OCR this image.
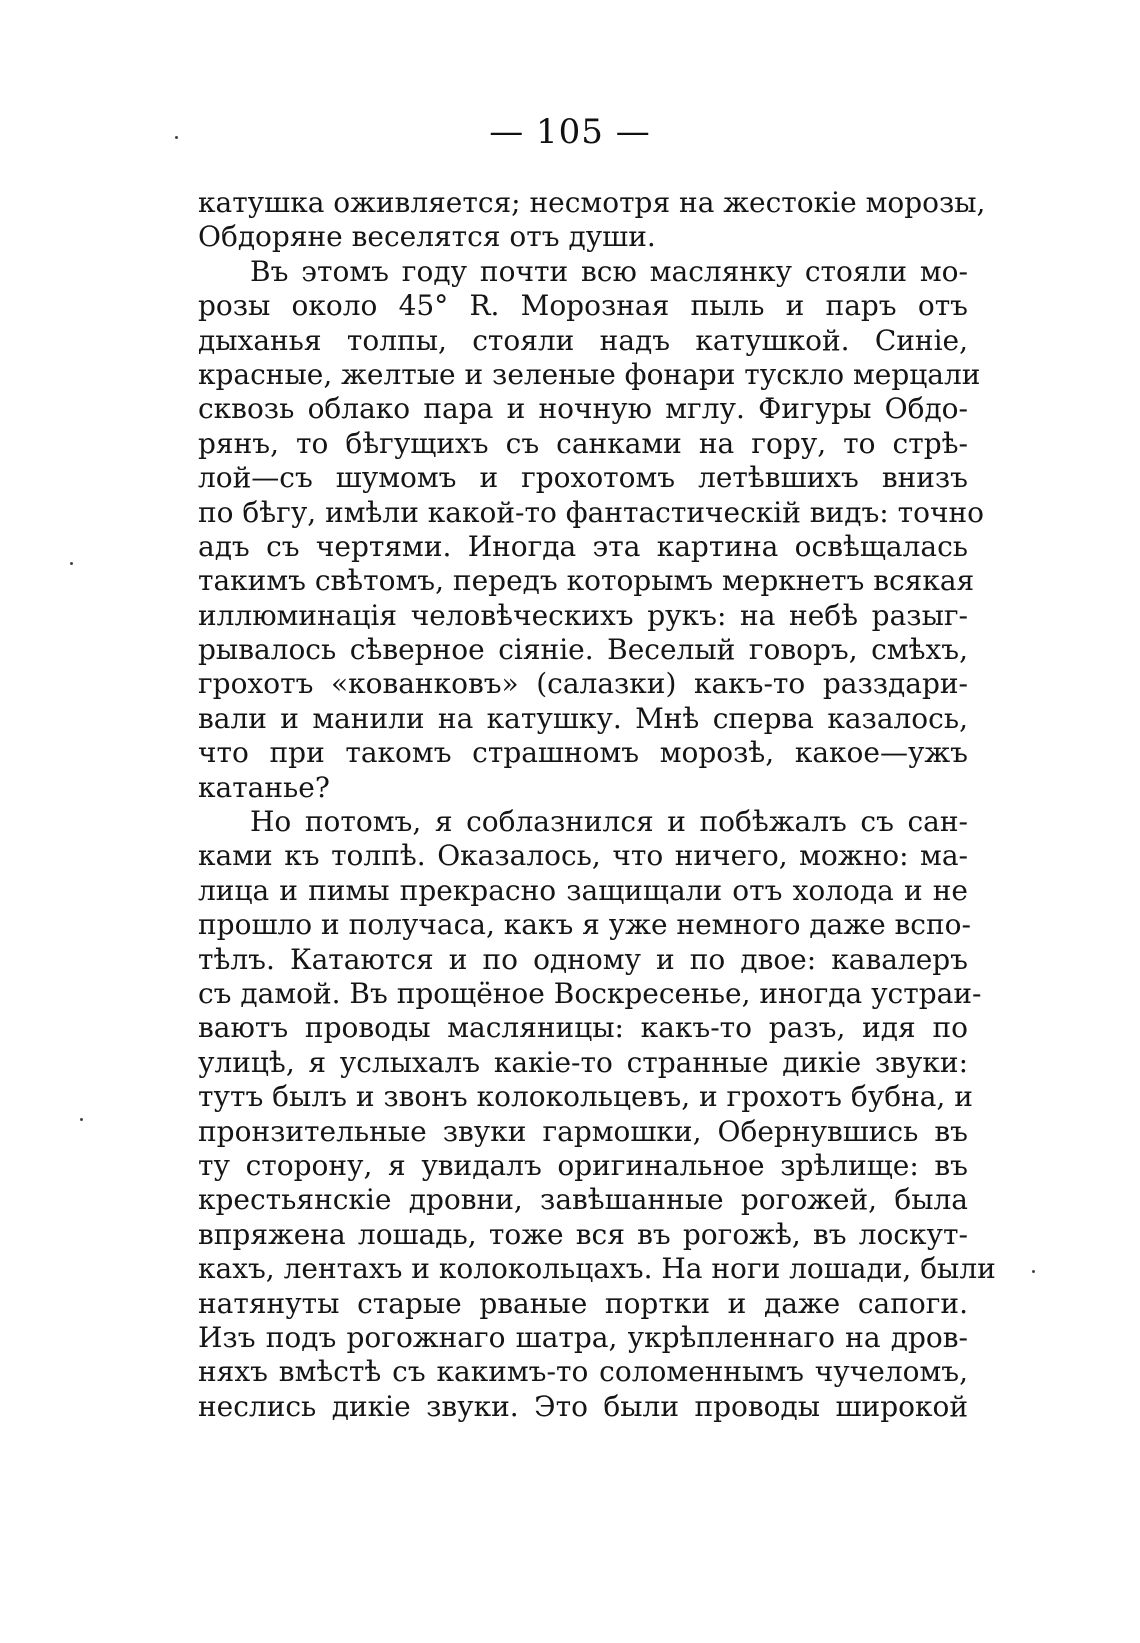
— 105 —
катушка оживляется; несмотря на жестокіе морозы,
Обдоряне веселятся отъ души.
Въ этомъ году почти всю маслянку стояли мо-
розы около 45° R. Морозная пыль и паръ отъ
дыханья толпы, стояли надъ катушкой. Синіе,
красные, желтые и зеленые фонари тускло мерцали
сквозь облако пара и ночную мглу. Фигуры Обдо-
рянъ, то бѣгущихъ съ санками на гору, то стрѣ-
лой—съ шумомъ и грохотомъ летѣвшихъ внизъ
по бѣгу, имѣли какой-то фантастическій видъ: точно
адъ съ чертями. Иногда эта картина освѣщалась
такимъ свѣтомъ, передъ которымъ меркнетъ всякая
иллюминація человѣческихъ рукъ: на небѣ разыг-
рывалось сѣверное сіяніе. Веселый говоръ, смѣхъ,
грохотъ «кованковъ» (салазки) какъ-то разздари-
вали и манили на катушку. Мнѣ сперва казалось,
что при такомъ страшномъ морозѣ, какое—ужъ
катанье?
Но потомъ, я соблазнился и побѣжалъ съ сан-
ками къ толпѣ. Оказалось, что ничего, можно: ма-
лица и пимы прекрасно защищали отъ холода и не
прошло и получаса, какъ я уже немного даже вспо-
тѣлъ. Катаются и по одному и по двое: кавалеръ
съ дамой. Въ прощёное Воскресенье, иногда устраи-
ваютъ проводы масляницы: какъ-то разъ, идя по
улицѣ, я услыхалъ какіе-то странные дикіе звуки:
тутъ былъ и звонъ колокольцевъ, и грохотъ бубна, и
пронзительные звуки гармошки, Обернувшись въ
ту сторону, я увидалъ оригинальное зрѣлище: въ
крестьянскіе дровни, завѣшанные рогожей, была
впряжена лошадь, тоже вся въ рогожѣ, въ лоскут-
кахъ, лентахъ и колокольцахъ. На ноги лошади, были
натянуты старые рваные портки и даже сапоги.
Изъ подъ рогожнаго шатра, укрѣпленнаго на дров-
няхъ вмѣстѣ съ какимъ-то соломеннымъ чучеломъ,
неслись дикіе звуки. Это были проводы широкой
